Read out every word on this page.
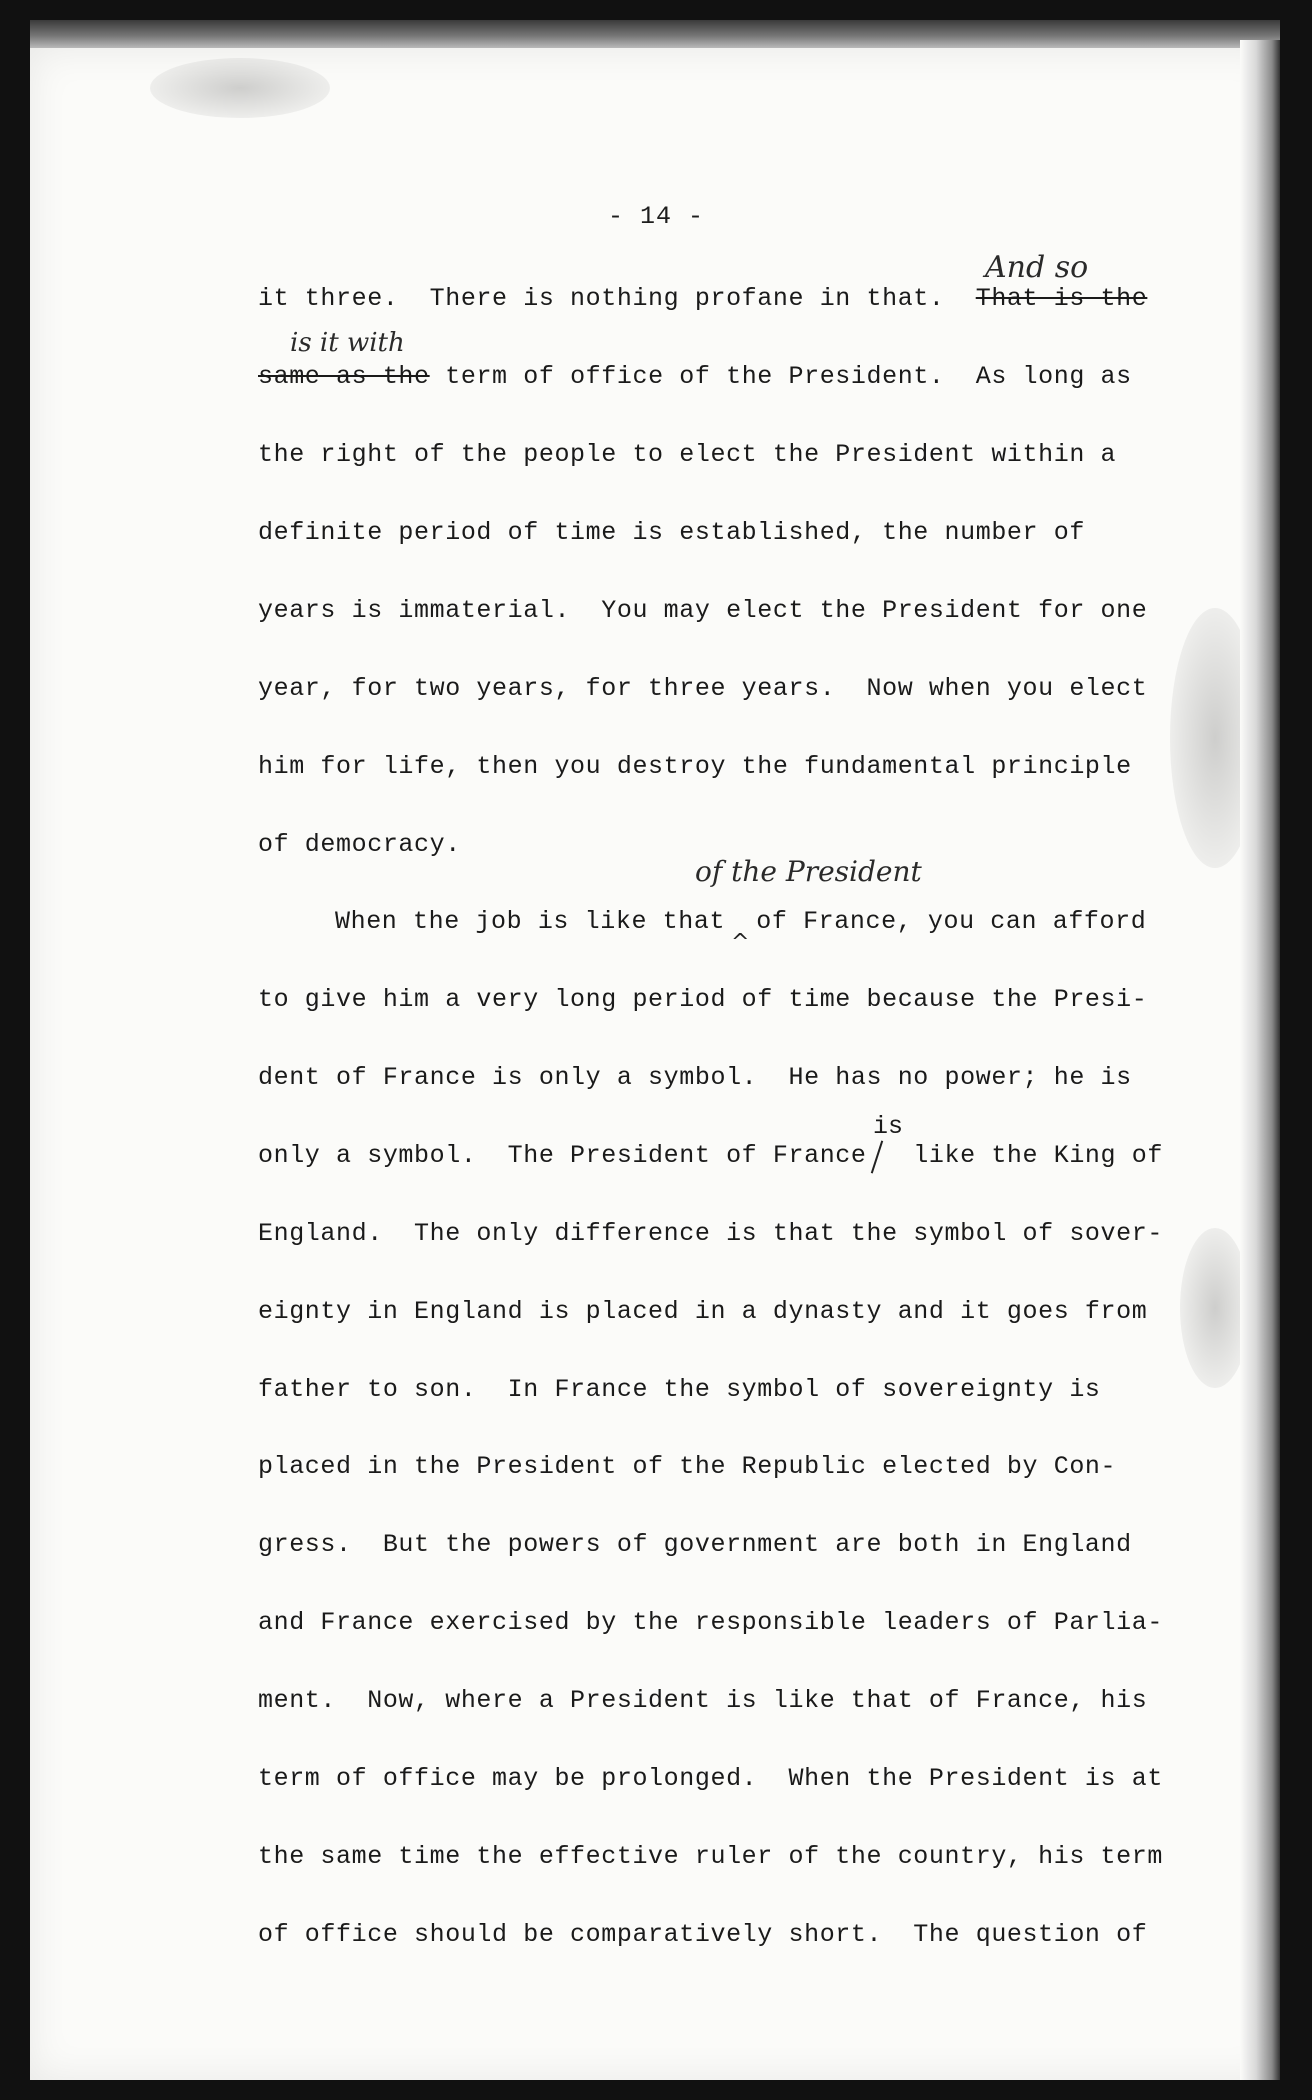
- 14 -
And so
is it with
of the President
^
is
it three.  There is nothing profane in that.  That is the
same as the term of office of the President.  As long as
the right of the people to elect the President within a
definite period of time is established, the number of
years is immaterial.  You may elect the President for one
year, for two years, for three years.  Now when you elect
him for life, then you destroy the fundamental principle
of democracy.
When the job is like that  of France, you can afford
to give him a very long period of time because the Presi-
dent of France is only a symbol.  He has no power; he is
only a symbol.  The President of France   like the King of
England.  The only difference is that the symbol of sover-
eignty in England is placed in a dynasty and it goes from
father to son.  In France the symbol of sovereignty is
placed in the President of the Republic elected by Con-
gress.  But the powers of government are both in England
and France exercised by the responsible leaders of Parlia-
ment.  Now, where a President is like that of France, his
term of office may be prolonged.  When the President is at
the same time the effective ruler of the country, his term
of office should be comparatively short.  The question of
